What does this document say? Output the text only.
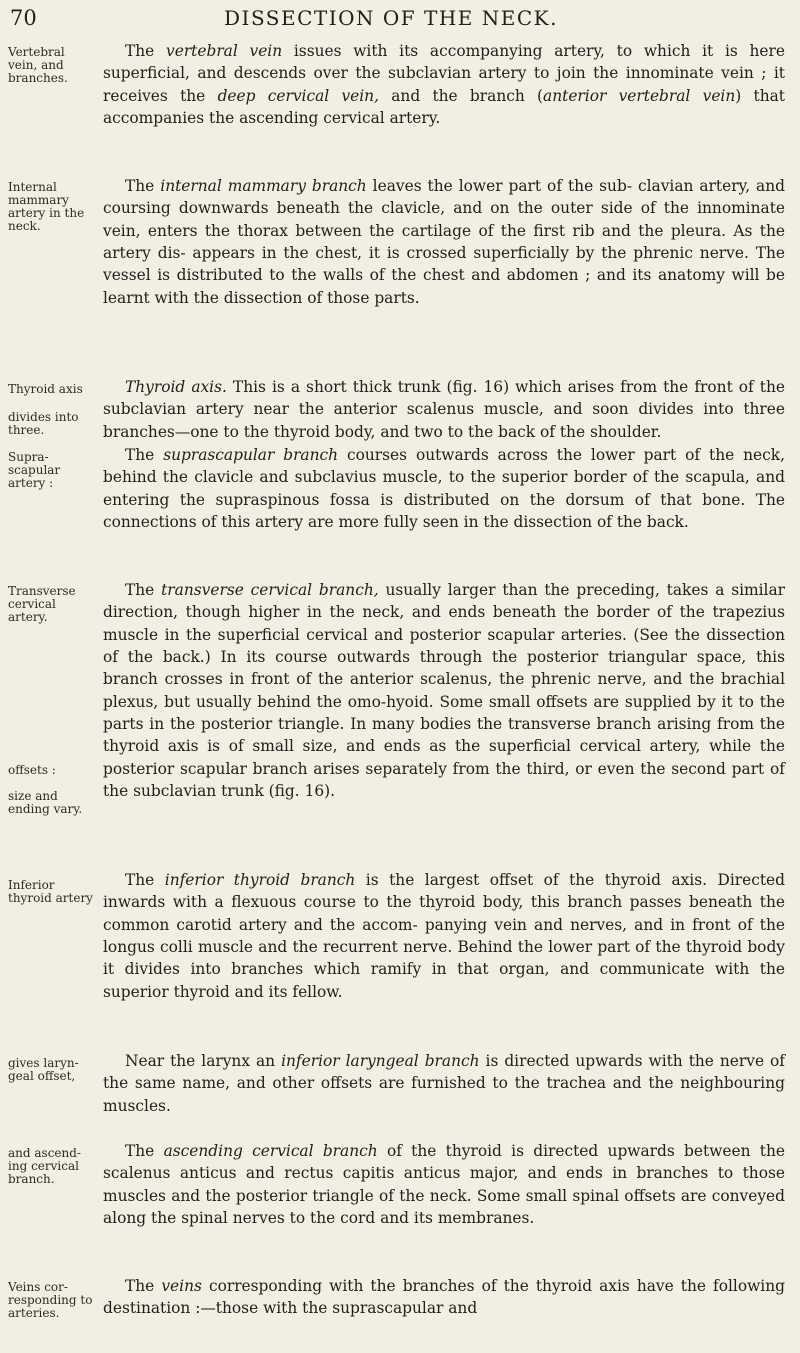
70	DISSECTION OF THE NECK.
Vertebral vein, and branches.
Internal mammary artery in the neck.
Thyroid axis
divides into three.
Supra- scapular artery :
Transverse cervical artery.
offsets :
size and ending vary.
Inferior thyroid artery
gives laryn- geal offset,
and ascend- ing cervical branch.
Veins cor- responding to arteries.

The vertebral vein issues with its accompanying artery, to which it is here superficial, and descends over the subclavian artery to join the innominate vein ; it receives the deep cervical vein, and the branch (anterior vertebral vein) that accompanies the ascending cervical artery.

The internal mammary branch leaves the lower part of the sub- clavian artery, and coursing downwards beneath the clavicle, and on the outer side of the innominate vein, enters the thorax between the cartilage of the first rib and the pleura. As the artery dis- appears in the chest, it is crossed superficially by the phrenic nerve. The vessel is distributed to the walls of the chest and abdomen ; and its anatomy will be learnt with the dissection of those parts.

Thyroid axis. This is a short thick trunk (fig. 16) which arises from the front of the subclavian artery near the anterior scalenus muscle, and soon divides into three branches—one to the thyroid body, and two to the back of the shoulder.

The suprascapular branch courses outwards across the lower part of the neck, behind the clavicle and subclavius muscle, to the superior border of the scapula, and entering the supraspinous fossa is distributed on the dorsum of that bone. The connections of this artery are more fully seen in the dissection of the back.

The transverse cervical branch, usually larger than the preceding, takes a similar direction, though higher in the neck, and ends beneath the border of the trapezius muscle in the superficial cervical and posterior scapular arteries. (See the dissection of the back.) In its course outwards through the posterior triangular space, this branch crosses in front of the anterior scalenus, the phrenic nerve, and the brachial plexus, but usually behind the omo-hyoid. Some small offsets are supplied by it to the parts in the posterior triangle. In many bodies the transverse branch arising from the thyroid axis is of small size, and ends as the superficial cervical artery, while the posterior scapular branch arises separately from the third, or even the second part of the subclavian trunk (fig. 16).

The inferior thyroid branch is the largest offset of the thyroid axis. Directed inwards with a flexuous course to the thyroid body, this branch passes beneath the common carotid artery and the accom- panying vein and nerves, and in front of the longus colli muscle and the recurrent nerve. Behind the lower part of the thyroid body it divides into branches which ramify in that organ, and communicate with the superior thyroid and its fellow.

Near the larynx an inferior laryngeal branch is directed upwards with the nerve of the same name, and other offsets are furnished to the trachea and the neighbouring muscles.

The ascending cervical branch of the thyroid is directed upwards between the scalenus anticus and rectus capitis anticus major, and ends in branches to those muscles and the posterior triangle of the neck. Some small spinal offsets are conveyed along the spinal nerves to the cord and its membranes.

The veins corresponding with the branches of the thyroid axis have the following destination :—those with the suprascapular and
